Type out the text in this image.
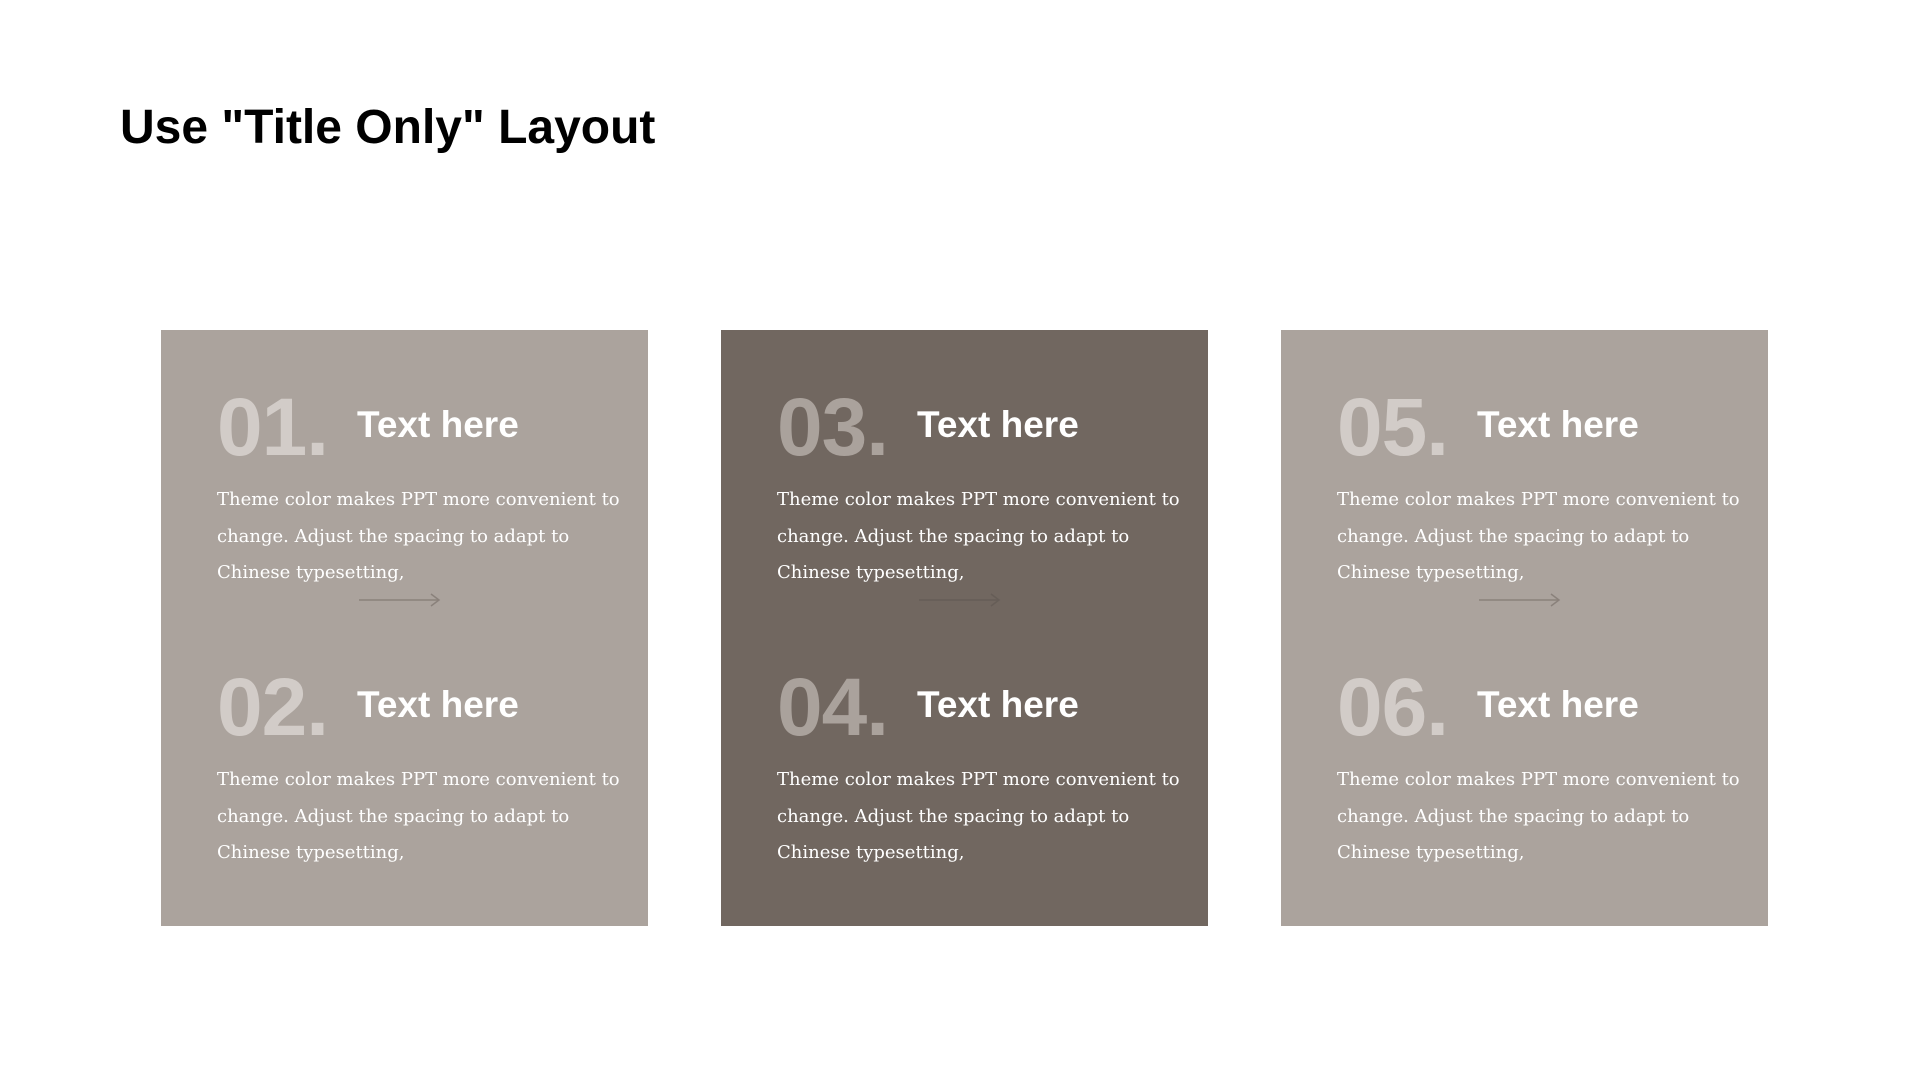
Use "Title Only" Layout
01. Text here
Theme color makes PPT more convenient to change. Adjust the spacing to adapt to Chinese typesetting,
02. Text here
Theme color makes PPT more convenient to change. Adjust the spacing to adapt to Chinese typesetting,
03. Text here
Theme color makes PPT more convenient to change. Adjust the spacing to adapt to Chinese typesetting,
04. Text here
Theme color makes PPT more convenient to change. Adjust the spacing to adapt to Chinese typesetting,
05. Text here
Theme color makes PPT more convenient to change. Adjust the spacing to adapt to Chinese typesetting,
06. Text here
Theme color makes PPT more convenient to change. Adjust the spacing to adapt to Chinese typesetting,
